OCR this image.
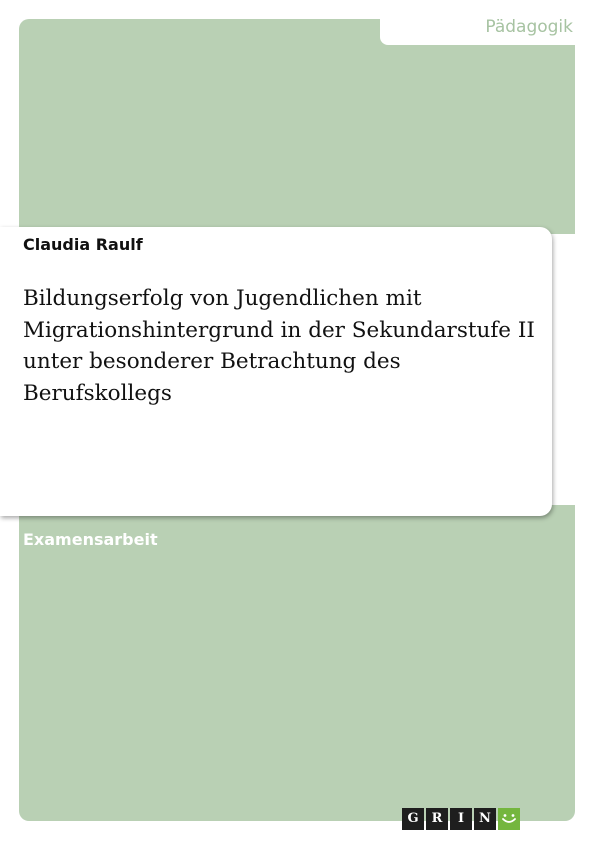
Pädagogik
Claudia Raulf
Bildungserfolg von Jugendlichen mit Migrationshintergrund in der Sekundarstufe II unter besonderer Betrachtung des Berufskollegs
Examensarbeit
G	R	I	N
